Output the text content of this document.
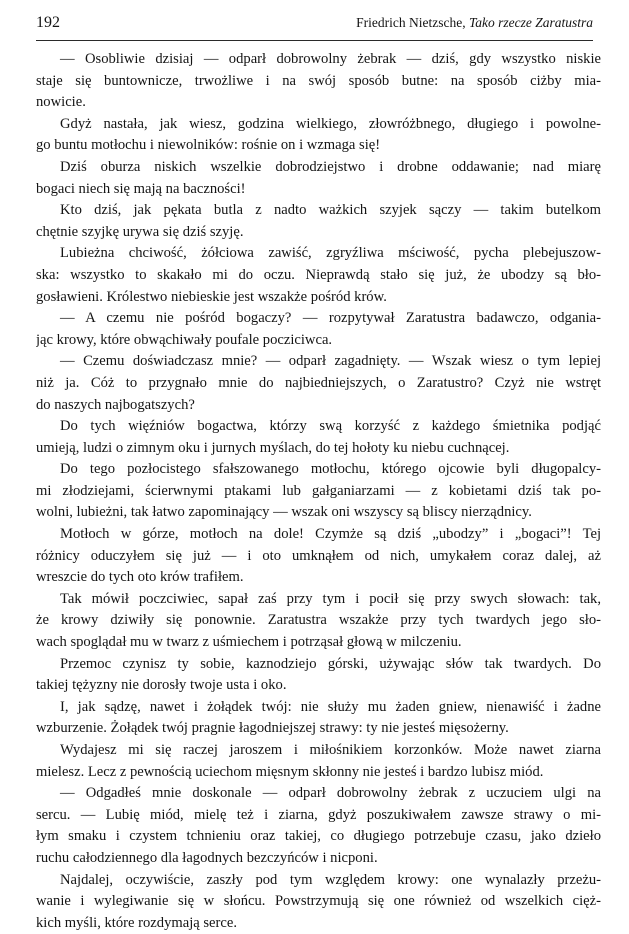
192	Friedrich Nietzsche, Tako rzecze Zaratustra
— Osobliwie dzisiaj — odparł dobrowolny żebrak — dziś, gdy wszystko niskie
staje się buntownicze, trwożliwe i na swój sposób butne: na sposób ciżby mia-
nowicie.
Gdyż nastała, jak wiesz, godzina wielkiego, złowróżbnego, długiego i powolne-
go buntu motłochu i niewolników: rośnie on i wzmaga się!
Dziś oburza niskich wszelkie dobrodziejstwo i drobne oddawanie; nad miarę
bogaci niech się mają na baczności!
Kto dziś, jak pękata butla z nadto ważkich szyjek sączy — takim butelkom
chętnie szyjkę urywa się dziś szyję.
Lubieżna chciwość, żółciowa zawiść, zgryźliwa mściwość, pycha plebejuszow-
ska: wszystko to skakało mi do oczu. Nieprawdą stało się już, że ubodzy są bło-
gosławieni. Królestwo niebieskie jest wszakże pośród krów.
— A czemu nie pośród bogaczy? — rozpytywał Zaratustra badawczo, odgania-
jąc krowy, które obwąchiwały poufale pocziciwca.
— Czemu doświadczasz mnie? — odparł zagadnięty. — Wszak wiesz o tym lepiej
niż ja. Cóż to przygnało mnie do najbiedniejszych, o Zaratustro? Czyż nie wstręt
do naszych najbogatszych?
Do tych więźniów bogactwa, którzy swą korzyść z każdego śmietnika podjąć
umieją, ludzi o zimnym oku i jurnych myślach, do tej hołoty ku niebu cuchnącej.
Do tego pozłocistego sfałszowanego motłochu, którego ojcowie byli długopalcy-
mi złodziejami, ścierwnymi ptakami lub gałganiarzami — z kobietami dziś tak po-
wolni, lubieżni, tak łatwo zapominający — wszak oni wszyscy są bliscy nierządnicy.
Motłoch w górze, motłoch na dole! Czymże są dziś „ubodzy” i „bogaci”! Tej
różnicy oduczyłem się już — i oto umknąłem od nich, umykałem coraz dalej, aż
wreszcie do tych oto krów trafiłem.
Tak mówił poczciwiec, sapał zaś przy tym i pocił się przy swych słowach: tak,
że krowy dziwiły się ponownie. Zaratustra wszakże przy tych twardych jego sło-
wach spoglądał mu w twarz z uśmiechem i potrząsał głową w milczeniu.
Przemoc czynisz ty sobie, kaznodziejo górski, używając słów tak twardych. Do
takiej tężyzny nie dorosły twoje usta i oko.
I, jak sądzę, nawet i żołądek twój: nie służy mu żaden gniew, nienawiść i żadne
wzburzenie. Żołądek twój pragnie łagodniejszej strawy: ty nie jesteś mięsożerny.
Wydajesz mi się raczej jaroszem i miłośnikiem korzonków. Może nawet ziarna
mielesz. Lecz z pewnością uciechom mięsnym skłonny nie jesteś i bardzo lubisz miód.
— Odgadłeś mnie doskonale — odparł dobrowolny żebrak z uczuciem ulgi na
sercu. — Lubię miód, mielę też i ziarna, gdyż poszukiwałem zawsze strawy o mi-
łym smaku i czystem tchnieniu oraz takiej, co długiego potrzebuje czasu, jako dzieło
ruchu całodziennego dla łagodnych bezczyńców i nicponi.
Najdalej, oczywiście, zaszły pod tym względem krowy: one wynalazły przeżu-
wanie i wylegiwanie się w słońcu. Powstrzymują się one również od wszelkich cięż-
kich myśli, które rozdymają serce.
